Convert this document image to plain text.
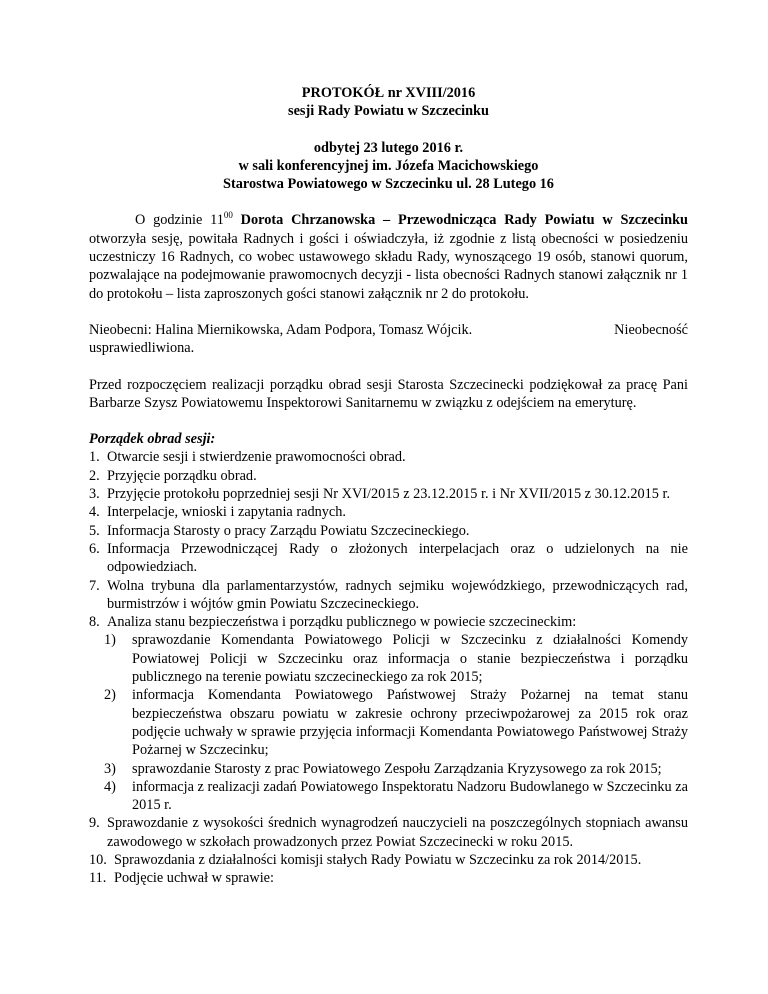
PROTOKÓŁ nr XVIII/2016
sesji Rady Powiatu w Szczecinku
odbytej 23 lutego 2016 r.
w sali konferencyjnej im. Józefa Macichowskiego
Starostwa Powiatowego w Szczecinku ul. 28 Lutego 16

O godzinie $11^{00}$ Dorota Chrzanowska – Przewodnicząca Rady Powiatu w Szczecinku otworzyła sesję, powitała Radnych i gości i oświadczyła, iż zgodnie z listą obecności w posiedzeniu uczestniczy 16 Radnych, co wobec ustawowego składu Rady, wynoszącego 19 osób, stanowi quorum, pozwalające na podejmowanie prawomocnych decyzji - lista obecności Radnych stanowi załącznik nr 1 do protokołu – lista zaproszonych gości stanowi załącznik nr 2 do protokołu.

Nieobecni: Halina Miernikowska, Adam Podpora, Tomasz Wójcik.	Nieobecność
usprawiedliwiona.

Przed rozpoczęciem realizacji porządku obrad sesji Starosta Szczecinecki podziękował za pracę Pani Barbarze Szysz Powiatowemu Inspektorowi Sanitarnemu w związku z odejściem na emeryturę.

Porządek obrad sesji:
1. Otwarcie sesji i stwierdzenie prawomocności obrad.
2. Przyjęcie porządku obrad.
3. Przyjęcie protokołu poprzedniej sesji Nr XVI/2015 z 23.12.2015 r. i Nr XVII/2015 z 30.12.2015 r.
4. Interpelacje, wnioski i zapytania radnych.
5. Informacja Starosty o pracy Zarządu Powiatu Szczecineckiego.
6. Informacja Przewodniczącej Rady o złożonych interpelacjach oraz o udzielonych na nie odpowiedziach.
7. Wolna trybuna dla parlamentarzystów, radnych sejmiku wojewódzkiego, przewodniczących rad, burmistrzów i wójtów gmin Powiatu Szczecineckiego.
8. Analiza stanu bezpieczeństwa i porządku publicznego w powiecie szczecineckim:
1) sprawozdanie Komendanta Powiatowego Policji w Szczecinku z działalności Komendy Powiatowej Policji w Szczecinku oraz informacja o stanie bezpieczeństwa i porządku publicznego na terenie powiatu szczecineckiego za rok 2015;
2) informacja Komendanta Powiatowego Państwowej Straży Pożarnej na temat stanu bezpieczeństwa obszaru powiatu w zakresie ochrony przeciwpożarowej za 2015 rok oraz podjęcie uchwały w sprawie przyjęcia informacji Komendanta Powiatowego Państwowej Straży Pożarnej w Szczecinku;
3) sprawozdanie Starosty z prac Powiatowego Zespołu Zarządzania Kryzysowego za rok 2015;
4) informacja z realizacji zadań Powiatowego Inspektoratu Nadzoru Budowlanego w Szczecinku za 2015 r.
9. Sprawozdanie z wysokości średnich wynagrodzeń nauczycieli na poszczególnych stopniach awansu zawodowego w szkołach prowadzonych przez Powiat Szczecinecki w roku 2015.
10. Sprawozdania z działalności komisji stałych Rady Powiatu w Szczecinku za rok 2014/2015.
11. Podjęcie uchwał w sprawie:
